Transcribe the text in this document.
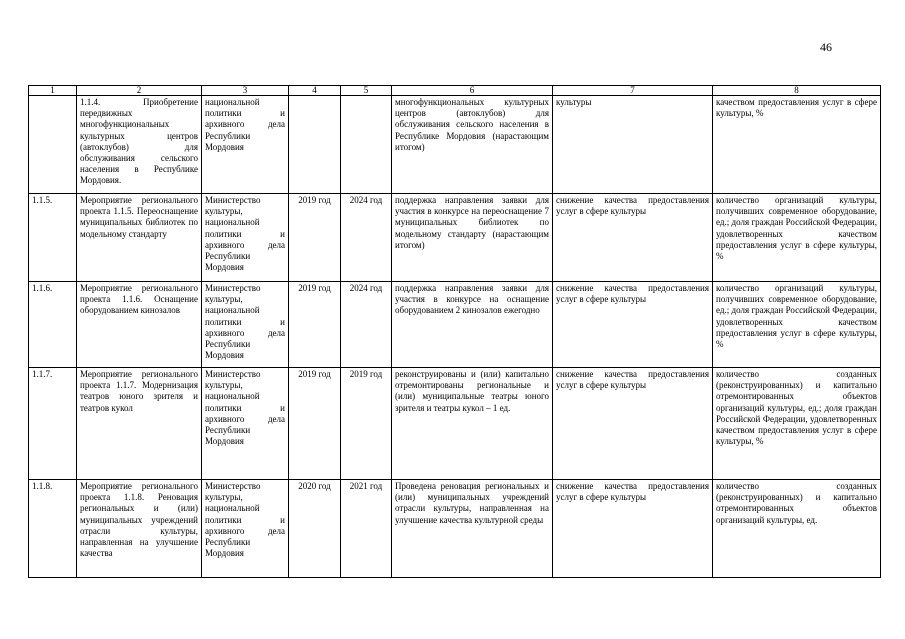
46
1	2	3	4	5	6	7	8
	1.1.4. Приобретение передвижных многофункциональных культурных центров (автоклубов) для обслуживания сельского населения в Республике Мордовия.	национальной политики и архивного дела Республики Мордовия			многофункциональных культурных центров (автоклубов) для обслуживания сельского населения в Республике Мордовия (нарастающим итогом)	культуры	качеством предоставления услуг в сфере культуры, %
1.1.5.	Мероприятие регионального проекта 1.1.5. Переоснащение муниципальных библиотек по модельному стандарту	Министерство культуры, национальной политики и архивного дела Республики Мордовия	2019 год	2024 год	поддержка направления заявки для участия в конкурсе на переоснащение 7 муниципальных библиотек по модельному стандарту (нарастающим итогом)	снижение качества предоставления услуг в сфере культуры	количество организаций культуры, получивших современное оборудование, ед.; доля граждан Российской Федерации, удовлетворенных качеством предоставления услуг в сфере культуры, %
1.1.6.	Мероприятие регионального проекта 1.1.6. Оснащение оборудованием кинозалов	Министерство культуры, национальной политики и архивного дела Республики Мордовия	2019 год	2024 год	поддержка направления заявки для участия в конкурсе на оснащение оборудованием 2 кинозалов ежегодно	снижение качества предоставления услуг в сфере культуры	количество организаций культуры, получивших современное оборудование, ед.; доля граждан Российской Федерации, удовлетворенных качеством предоставления услуг в сфере культуры, %
1.1.7.	Мероприятие регионального проекта 1.1.7. Модернизация театров юного зрителя и театров кукол	Министерство культуры, национальной политики и архивного дела Республики Мордовия	2019 год	2019 год	реконструированы и (или) капитально отремонтированы региональные и (или) муниципальные театры юного зрителя и театры кукол – 1 ед.	снижение качества предоставления услуг в сфере культуры	количество созданных (реконструированных) и капитально отремонтированных объектов организаций культуры, ед.; доля граждан Российской Федерации, удовлетворенных качеством предоставления услуг в сфере культуры, %
1.1.8.	Мероприятие регионального проекта 1.1.8. Реновация региональных и (или) муниципальных учреждений отрасли культуры, направленная на улучшение качества	Министерство культуры, национальной политики и архивного дела Республики Мордовия	2020 год	2021 год	Проведена реновация региональных и (или) муниципальных учреждений отрасли культуры, направленная на улучшение качества культурной среды	снижение качества предоставления услуг в сфере культуры	количество созданных (реконструированных) и капитально отремонтированных объектов организаций культуры, ед.
